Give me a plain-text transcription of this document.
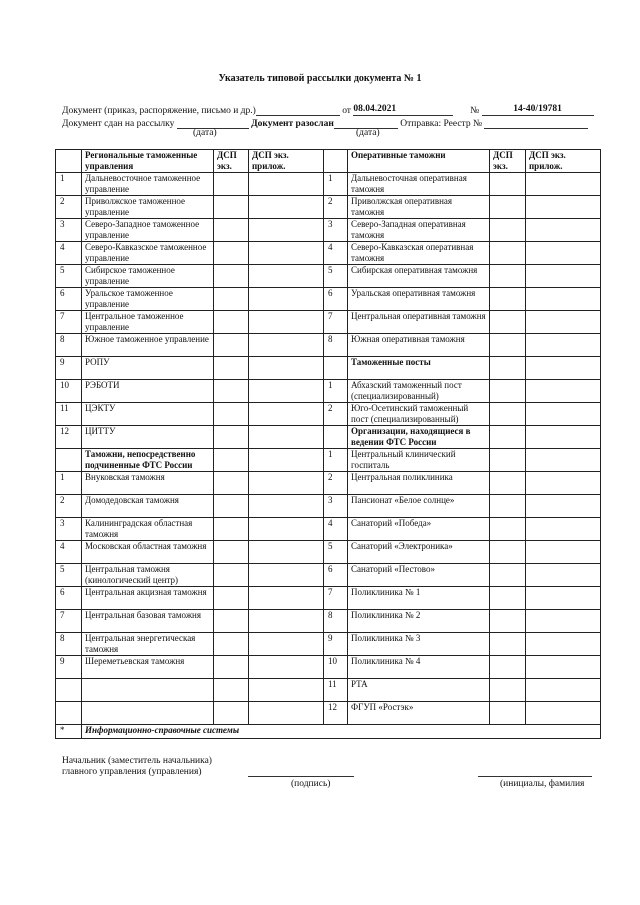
Указатель типовой рассылки документа № 1
Документ (приказ, распоряжение, письмо и др.)	от 08.04.2021	№	14-40/19781
Документ сдан на рассылку	Документ разослан	Отправка: Реестр №
(дата)	(дата)
	Региональные таможенные управления	ДСП экз.	ДСП экз. прилож.		Оперативные таможни	ДСП экз.	ДСП экз. прилож.
1	Дальневосточное таможенное управление			1	Дальневосточная оперативная таможня		
2	Приволжское таможенное управление			2	Приволжская оперативная таможня		
3	Северо-Западное таможенное управление			3	Северо-Западная оперативная таможня		
4	Северо-Кавказское таможенное управление			4	Северо-Кавказская оперативная таможня		
5	Сибирское таможенное управление			5	Сибирская оперативная таможня		
6	Уральское таможенное управление			6	Уральская оперативная таможня		
7	Центральное таможенное управление			7	Центральная оперативная таможня		
8	Южное таможенное управление			8	Южная оперативная таможня		
9	РОПУ				Таможенные посты		
10	РЭБОТИ			1	Абхазский таможенный пост (специализированный)		
11	ЦЭКТУ			2	Юго-Осетинский таможенный пост (специализированный)		
12	ЦИТТУ				Организации, находящиеся в ведении ФТС России		
	Таможни, непосредственно подчиненные ФТС России			1	Центральный клинический госпиталь		
1	Внуковская таможня			2	Центральная поликлиника		
2	Домодедовская таможня			3	Пансионат «Белое солнце»		
3	Калининградская областная таможня			4	Санаторий «Победа»		
4	Московская областная таможня			5	Санаторий «Электроника»		
5	Центральная таможня (кинологический центр)			6	Санаторий «Пестово»		
6	Центральная акцизная таможня			7	Поликлиника № 1		
7	Центральная базовая таможня			8	Поликлиника № 2		
8	Центральная энергетическая таможня			9	Поликлиника № 3		
9	Шереметьевская таможня			10	Поликлиника № 4		
				11	РТА		
				12	ФГУП «Ростэк»		
*	Информационно-справочные системы						
Начальник (заместитель начальника)
главного управления (управления)
(подпись)	(инициалы, фамилия
